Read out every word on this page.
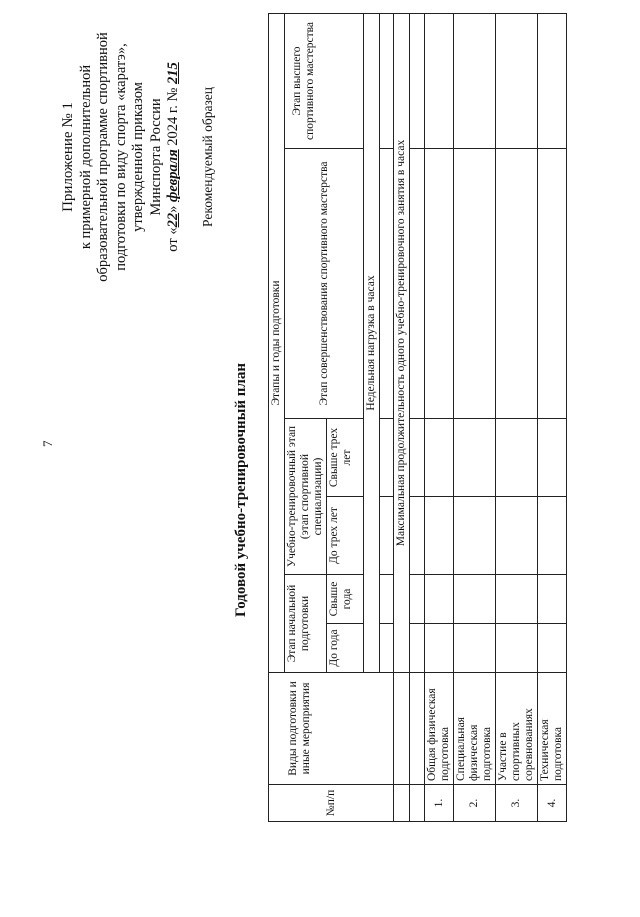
7
Приложение № 1 к примерной дополнительной образовательной программе спортивной подготовки по виду спорта «каратэ», утвержденной приказом Минспорта России
от «22» февраля 2024 г. № 215
Рекомендуемый образец
Годовой учебно-тренировочный план
№п/п	Виды подготовки и иные мероприятия	Этапы и годы подготовки					
		Этап начальной подготовки		Учебно-тренировочный этап (этап спортивной специализации)		Этап совершенствования спортивного мастерства	Этап высшего спортивного мастерства
		До года	Свыше года	До трех лет	Свыше трех лет		
		Недельная нагрузка в часах					

		Максимальная продолжительность одного учебно-тренировочного занятия в часах					

1.	Общая физическая подготовка						
2.	Специальная физическая подготовка						
3.	Участие в спортивных соревнованиях						
4.	Техническая подготовка						
